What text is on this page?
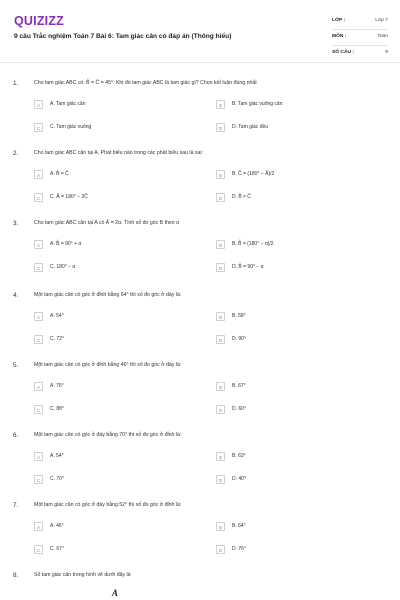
QUIZIZZ
9 câu Trắc nghiệm Toán 7 Bài 6: Tam giác cân có đáp án (Thông hiểu)
LỚP :	Lớp 7
MÔN :	Toán
SỐ CÂU :	9
1.	Cho tam giác ABC có: B̂ = Ĉ = 45°. Khi đó tam giác ABC là tam giác gì? Chọn kết luận đúng nhất
A	A. Tam giác cân	B	B. Tam giác vuông cân
C	C. Tam giác vuông	D	D. Tam giác đều
2.	Cho tam giác ABC cân tại A. Phát biểu nào trong các phát biểu sau là sai:
A	A. B̂ = Ĉ	B	B. Ĉ = (180° − Â)/2
C	C. Â = 180° − 2Ĉ	D	D. B̂ ≠ Ĉ
3.	Cho tam giác ABC cân tại A có Â = 2α. Tính số đo góc B theo α
A	A. B̂ = 90° + α	B	B. B̂ = (180° − α)/2
C	C. 180° − α	D	D. B̂ = 90° − α
4.	Một tam giác cân có góc ở đỉnh bằng 64° thì số đo góc ở đáy là:
A	A. 54°	B	B. 58°
C	C. 72°	D	D. 90°
5.	Một tam giác cân có góc ở đỉnh bằng 46° thì số đo góc ở đáy là:
A	A. 76°	B	B. 67°
C	C. 88°	D	D. 60°
6.	Một tam giác cân có góc ở đáy bằng 70° thì số đo góc ở đỉnh là:
A	A. 54°	B	B. 63°
C	C. 70°	D	D. 40°
7.	Một tam giác cân có góc ở đáy bằng 52° thì số đo góc ở đỉnh là:
A	A. 46°	B	B. 64°
C	C. 67°	D	D. 76°
8.	Số tam giác cân trong hình vẽ dưới đây là
A
